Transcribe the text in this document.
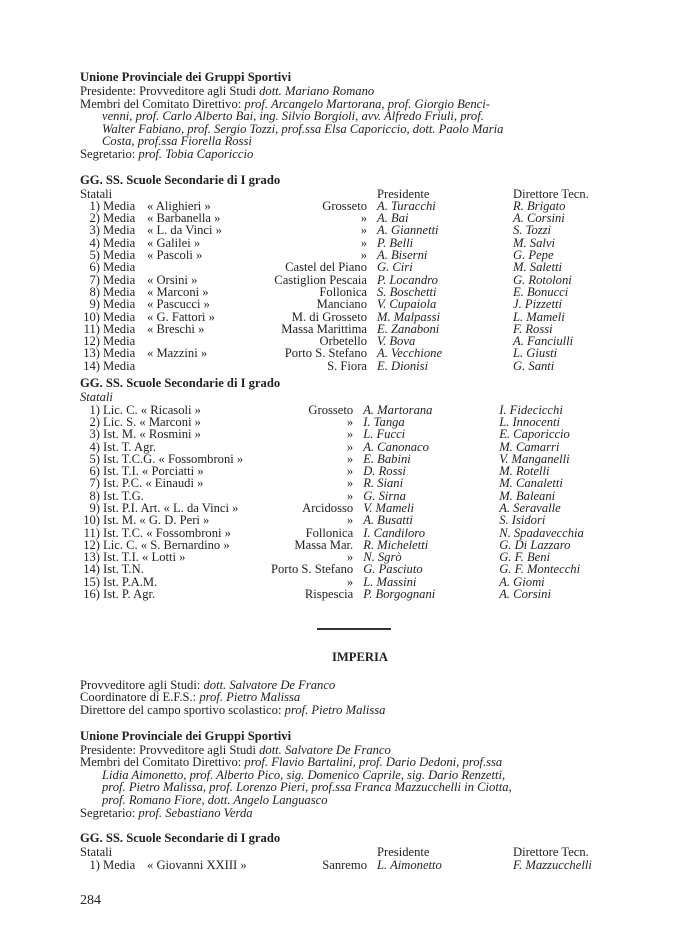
Unione Provinciale dei Gruppi Sportivi
Presidente: Provveditore agli Studi dott. Mariano Romano
Membri del Comitato Direttivo: prof. Arcangelo Martorana, prof. Giorgio Benci-
venni, prof. Carlo Alberto Bai, ing. Silvio Borgioli, avv. Alfredo Friuli, prof.
Walter Fabiano, prof. Sergio Tozzi, prof.ssa Elsa Caporiccio, dott. Paolo Maria
Costa, prof.ssa Fiorella Rossi
Segretario: prof. Tobia Caporiccio
GG. SS. Scuole Secondarie di I grado
Statali				Presidente	Direttore Tecn.
1)	Media	« Alighieri »	Grosseto	A. Turacchi	R. Brigato
2)	Media	« Barbanella »	»	A. Bai	A. Corsini
3)	Media	« L. da Vinci »	»	A. Giannetti	S. Tozzi
4)	Media	« Galilei »	»	P. Belli	M. Salvi
5)	Media	« Pascoli »	»	A. Biserni	G. Pepe
6)	Media		Castel del Piano	G. Ciri	M. Saletti
7)	Media	« Orsini »	Castiglion Pescaia	P. Locandro	G. Rotoloni
8)	Media	« Marconi »	Follonica	S. Boschetti	E. Bonucci
9)	Media	« Pascucci »	Manciano	V. Cupaiola	J. Pizzetti
10)	Media	« G. Fattori »	M. di Grosseto	M. Malpassi	L. Mameli
11)	Media	« Breschi »	Massa Marittima	E. Zanaboni	F. Rossi
12)	Media		Orbetello	V. Bova	A. Fanciulli
13)	Media	« Mazzini »	Porto S. Stefano	A. Vecchione	L. Giusti
14)	Media		S. Fiora	E. Dionisi	G. Santi
GG. SS. Scuole Secondarie di I grado
Statali
1)	Lic. C. « Ricasoli »	Grosseto	A. Martorana	I. Fidecicchi
2)	Lic. S. « Marconi »	»	I. Tanga	L. Innocenti
3)	Ist. M. « Rosmini »	»	L. Fucci	E. Caporiccio
4)	Ist. T. Agr.	»	A. Canonaco	M. Camarri
5)	Ist. T.C.G. « Fossombroni »	»	E. Babini	V. Manganelli
6)	Ist. T.I. « Porciatti »	»	D. Rossi	M. Rotelli
7)	Ist. P.C. « Einaudi »	»	R. Siani	M. Canaletti
8)	Ist. T.G.	»	G. Sirna	M. Baleani
9)	Ist. P.I. Art. « L. da Vinci »	Arcidosso	V. Mameli	A. Seravalle
10)	Ist. M. « G. D. Peri »	»	A. Busatti	S. Isidori
11)	Ist. T.C. « Fossombroni »	Follonica	I. Candiloro	N. Spadavecchia
12)	Lic. C. « S. Bernardino »	Massa Mar.	R. Micheletti	G. Di Lazzaro
13)	Ist. T.I. « Lotti »	»	N. Sgrò	G. F. Beni
14)	Ist. T.N.	Porto S. Stefano	G. Pasciuto	G. F. Montecchi
15)	Ist. P.A.M.	»	L. Massini	A. Giomi
16)	Ist. P. Agr.	Rispescia	P. Borgognani	A. Corsini
IMPERIA
Provveditore agli Studi: dott. Salvatore De Franco
Coordinatore di E.F.S.: prof. Pietro Malissa
Direttore del campo sportivo scolastico: prof. Pietro Malissa
Unione Provinciale dei Gruppi Sportivi
Presidente: Provveditore agli Studi dott. Salvatore De Franco
Membri del Comitato Direttivo: prof. Flavio Bartalini, prof. Dario Dedoni, prof.ssa
Lidia Aimonetto, prof. Alberto Pico, sig. Domenico Caprile, sig. Dario Renzetti,
prof. Pietro Malissa, prof. Lorenzo Pieri, prof.ssa Franca Mazzucchelli in Ciotta,
prof. Romano Fiore, dott. Angelo Languasco
Segretario: prof. Sebastiano Verda
GG. SS. Scuole Secondarie di I grado
Statali				Presidente	Direttore Tecn.
1)	Media	« Giovanni XXIII »	Sanremo	L. Aimonetto	F. Mazzucchelli
284
